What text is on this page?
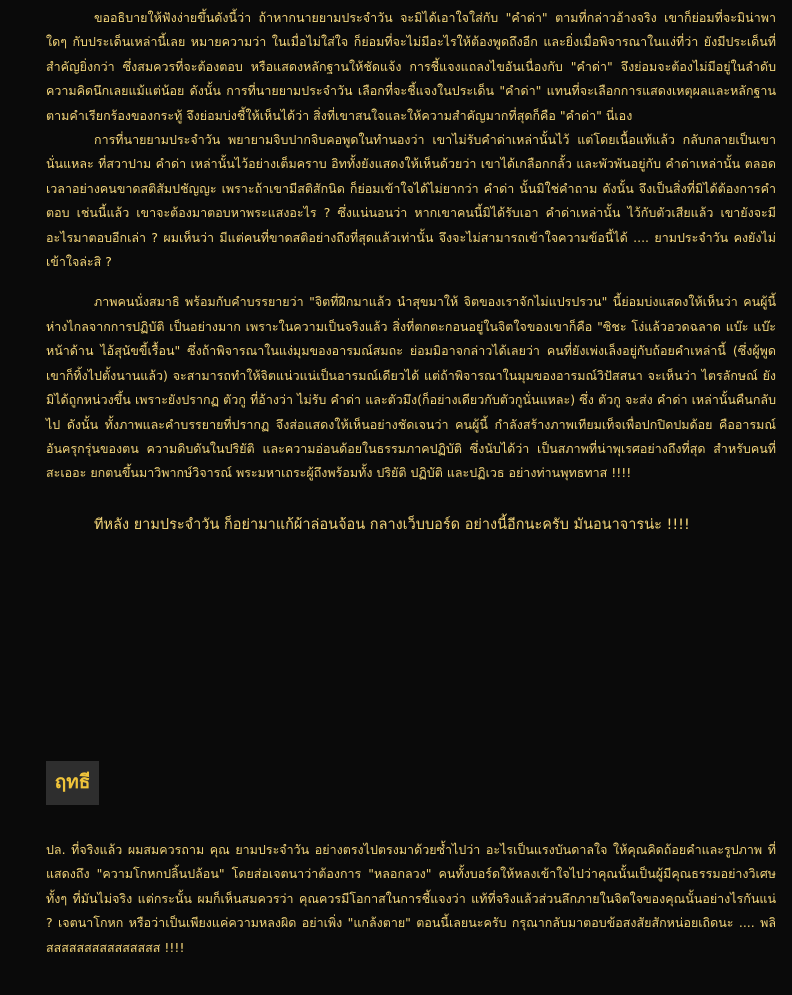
ขออธิบายให้ฟังง่ายขึ้นดังนี้ว่า ถ้าหากนายยามประจำวัน จะมิได้เอาใจใส่กับ "คำด่า" ตามที่กล่าวอ้างจริง เขาก็ย่อมที่จะมิน่าพาใดๆ กับประเด็นเหล่านี้เลย หมายความว่า ในเมื่อไม่ใส่ใจ ก็ย่อมที่จะไม่มีอะไรให้ต้องพูดถึงอีก และยิ่งเมื่อพิจารณาในแง่ที่ว่า ยังมีประเด็นที่สำคัญยิ่งกว่า ซึ่งสมควรที่จะต้องตอบ หรือแสดงหลักฐานให้ชัดแจ้ง การชี้แจงแถลงไขอันเนื่องกับ "คำด่า" จึงย่อมจะต้องไม่มีอยู่ในลำดับความคิดนึกเลยแม้แต่น้อย ดังนั้น การที่นายยามประจำวัน เลือกที่จะชี้แจงในประเด็น "คำด่า" แทนที่จะเลือกการแสดงเหตุผลและหลักฐานตามคำเรียกร้องของกระทู้ จึงย่อมบ่งชี้ให้เห็นได้ว่า สิ่งที่เขาสนใจและให้ความสำคัญมากที่สุดก็คือ "คำด่า" นี่เอง

การที่นายยามประจำวัน พยายามจิบปากจิบคอพูดในทำนองว่า เขาไม่รับคำด่าเหล่านั้นไว้ แต่โดยเนื้อแท้แล้ว กลับกลายเป็นเขานั่นแหละ ที่สวาปาม คำด่า เหล่านั้นไว้อย่างเต็มคราบ อิททั้งยังแสดงให้เห็นด้วยว่า เขาได้เกลือกกลั้ว และพัวพันอยู่กับ คำด่าเหล่านั้น ตลอดเวลาอย่างคนขาดสติสัมปชัญญะ เพราะถ้าเขามีสติสักนิด ก็ย่อมเข้าใจได้ไม่ยากว่า คำด่า นั้นมิใช่คำถาม ดังนั้น จึงเป็นสิ่งที่มิได้ต้องการคำตอบ เช่นนี้แล้ว เขาจะต้องมาตอบหาพระแสงอะไร ? ซึ่งแน่นอนว่า หากเขาคนนี้มิได้รับเอา คำด่าเหล่านั้น ไว้กับตัวเสียแล้ว เขายังจะมีอะไรมาตอบอีกเล่า ? ผมเห็นว่า มีแต่คนที่ขาดสติอย่างถึงที่สุดแล้วเท่านั้น จึงจะไม่สามารถเข้าใจความข้อนี้ได้ .... ยามประจำวัน คงยังไม่เข้าใจล่ะสิ ?

ภาพคนนั่งสมาธิ พร้อมกับคำบรรยายว่า "จิตที่ฝึกมาแล้ว นำสุขมาให้ จิตของเราจักไม่แปรปรวน" นี้ย่อมบ่งแสดงให้เห็นว่า คนผู้นี้ ห่างไกลจากการปฏิบัติ เป็นอย่างมาก เพราะในความเป็นจริงแล้ว สิ่งที่ตกตะกอนอยู่ในจิตใจของเขาก็คือ "ซิชะ โง่แล้วอวดฉลาด แบ๊ะ แบ๊ะ หน้าด้าน ไอ้สุนัขขี้เรื้อน" ซึ่งถ้าพิจารณาในแง่มุมของอารมณ์สมถะ ย่อมมิอาจกล่าวได้เลยว่า คนที่ยังเพ่งเล็งอยู่กับถ้อยคำเหล่านี้ (ซึ่งผู้พูด เขาก็ทิ้งไปตั้งนานแล้ว) จะสามารถทำให้จิตแน่วแน่เป็นอารมณ์เดียวได้ แต่ถ้าพิจารณาในมุมของอารมณ์วิปัสสนา จะเห็นว่า ไตรลักษณ์ ยังมิได้ถูกหน่วงขึ้น เพราะยังปรากฏ ตัวกู ที่อ้างว่า ไม่รับ คำด่า และตัวมึง(ก็อย่างเดียวกับตัวกูนั่นแหละ) ซึ่ง ตัวกู จะส่ง คำด่า เหล่านั้นคืนกลับไป ดังนั้น ทั้งภาพและคำบรรยายที่ปรากฏ จึงส่อแสดงให้เห็นอย่างชัดเจนว่า คนผู้นี้ กำลังสร้างภาพเทียมเท็จเพื่อปกปิดปมด้อย คืออารมณ์อันครุกรุ่นของตน ความดิบดันในปริยัติ และความอ่อนด้อยในธรรมภาคปฏิบัติ ซึ่งนับได้ว่า เป็นสภาพที่น่าพุเรศอย่างถึงที่สุด สำหรับคนที่สะเออะ ยกตนขึ้นมาวิพากษ์วิจารณ์ พระมหาเถระผู้ถึงพร้อมทั้ง ปริยัติ ปฏิบัติ และปฏิเวธ อย่างท่านพุทธทาส !!!!

ทีหลัง ยามประจำวัน ก็อย่ามาแก้ผ้าล่อนจ้อน กลางเว็บบอร์ด อย่างนี้อีกนะครับ มันอนาจารน่ะ !!!!

ฤทธี

ปล. ที่จริงแล้ว ผมสมควรถาม คุณ ยามประจำวัน อย่างตรงไปตรงมาด้วยซ้ำไปว่า อะไรเป็นแรงบันดาลใจ ให้คุณคิดถ้อยคำและรูปภาพ ที่แสดงถึง "ความโกหกปลิ้นปล้อน" โดยส่อเจตนาว่าต้องการ "หลอกลวง" คนทั้งบอร์ดให้หลงเข้าใจไปว่าคุณนั้นเป็นผู้มีคุณธรรมอย่างวิเศษ ทั้งๆ ที่มันไม่จริง แต่กระนั้น ผมก็เห็นสมควรว่า คุณควรมีโอกาสในการชี้แจงว่า แท้ที่จริงแล้วส่วนลึกภายในจิตใจของคุณนั้นอย่างไรกันแน่ ? เจตนาโกหก หรือว่าเป็นเพียงแค่ความหลงผิด อย่าเพิ่ง "แกล้งตาย" ตอนนี้เลยนะครับ กรุณากลับมาตอบข้อสงสัยสักหน่อยเถิดนะ .... พลิสสสสสสสสสสสสสสส !!!!
